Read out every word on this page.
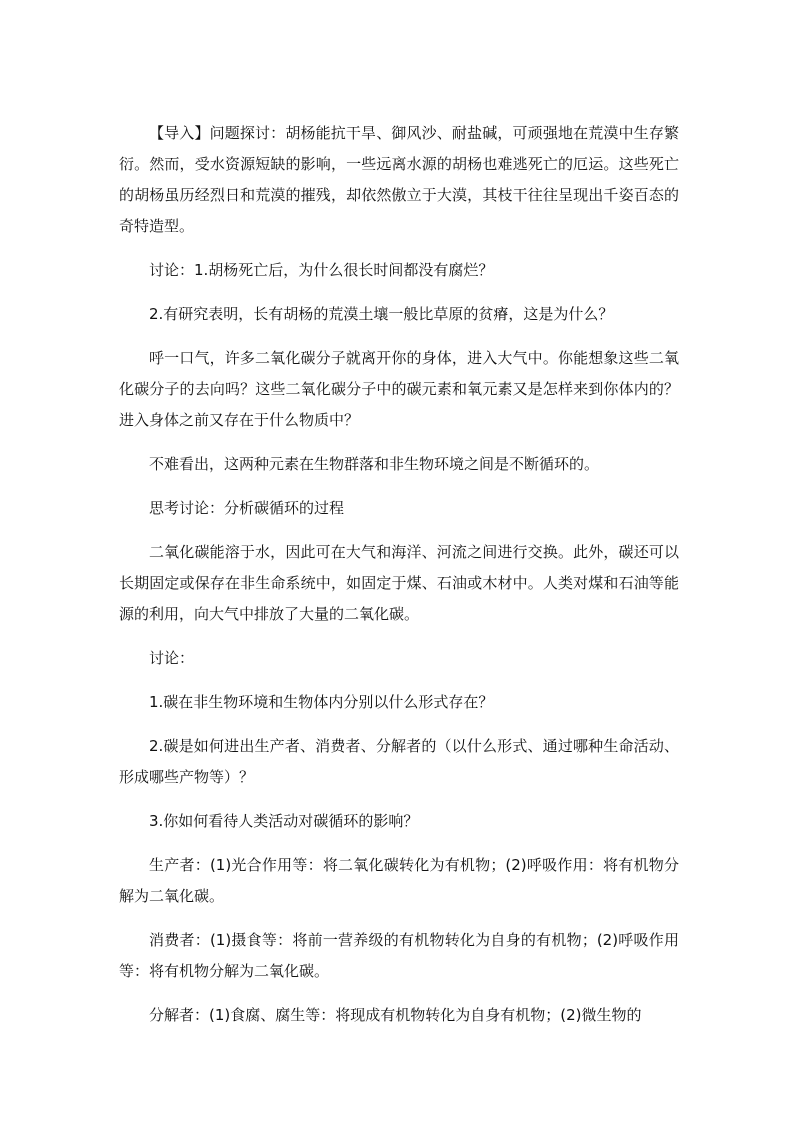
【导入】问题探讨：胡杨能抗干旱、御风沙、耐盐碱，可顽强地在荒漠中生存繁衍。然而，受水资源短缺的影响，一些远离水源的胡杨也难逃死亡的厄运。这些死亡的胡杨虽历经烈日和荒漠的摧残，却依然傲立于大漠，其枝干往往呈现出千姿百态的奇特造型。

讨论：1.胡杨死亡后，为什么很长时间都没有腐烂？

2.有研究表明，长有胡杨的荒漠土壤一般比草原的贫瘠，这是为什么？

呼一口气，许多二氧化碳分子就离开你的身体，进入大气中。你能想象这些二氧化碳分子的去向吗？这些二氧化碳分子中的碳元素和氧元素又是怎样来到你体内的？进入身体之前又存在于什么物质中？

不难看出，这两种元素在生物群落和非生物环境之间是不断循环的。

思考讨论：分析碳循环的过程

二氧化碳能溶于水，因此可在大气和海洋、河流之间进行交换。此外，碳还可以长期固定或保存在非生命系统中，如固定于煤、石油或木材中。人类对煤和石油等能源的利用，向大气中排放了大量的二氧化碳。

讨论：

1.碳在非生物环境和生物体内分别以什么形式存在？

2.碳是如何进出生产者、消费者、分解者的（以什么形式、通过哪种生命活动、形成哪些产物等）？

3.你如何看待人类活动对碳循环的影响？

生产者：(1)光合作用等：将二氧化碳转化为有机物；(2)呼吸作用：将有机物分解为二氧化碳。

消费者：(1)摄食等：将前一营养级的有机物转化为自身的有机物；(2)呼吸作用等：将有机物分解为二氧化碳。

分解者：(1)食腐、腐生等：将现成有机物转化为自身有机物；(2)微生物的
